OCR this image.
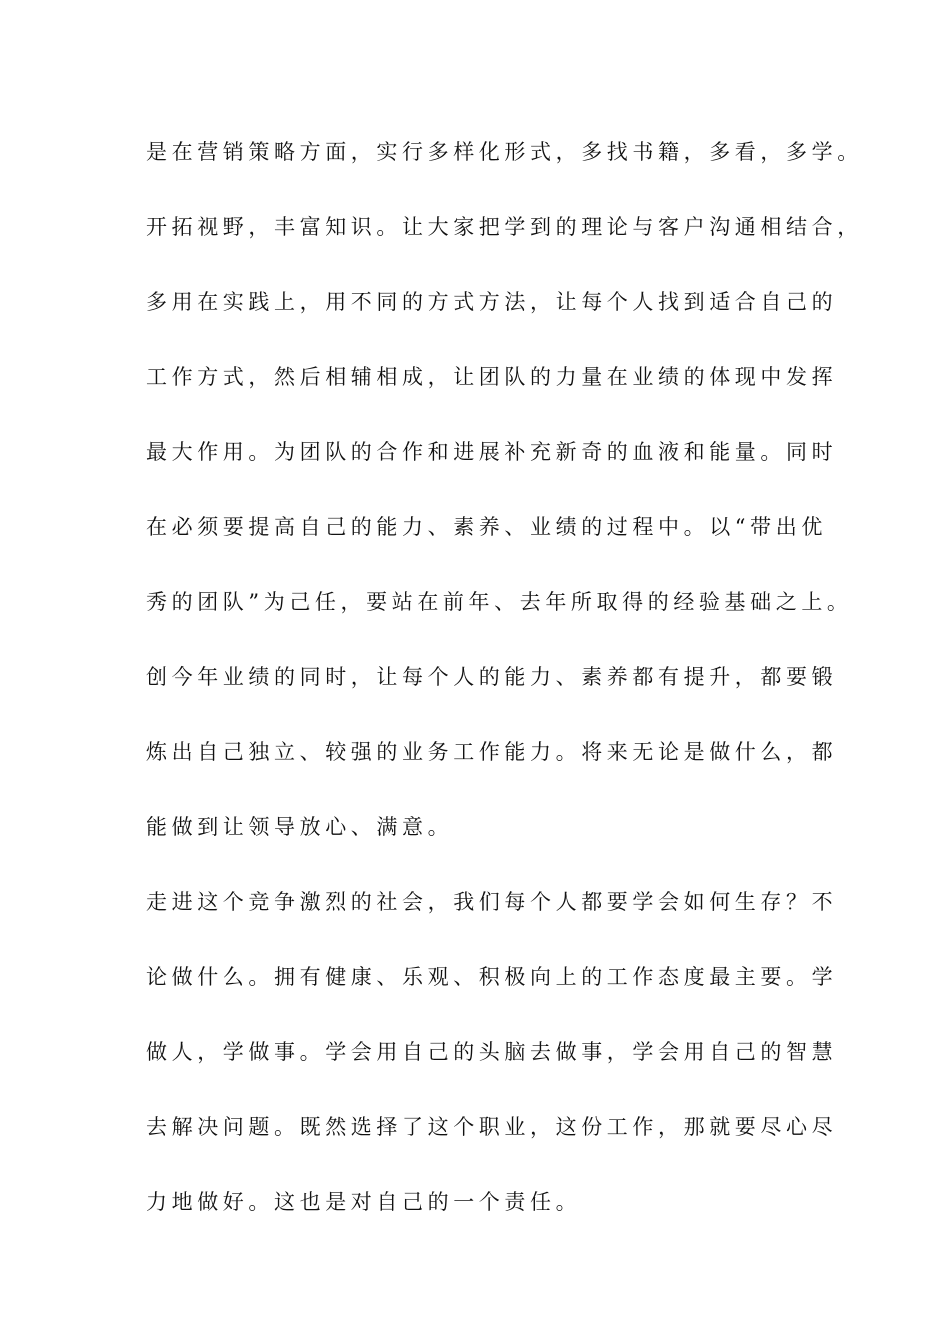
是在营销策略方面，实行多样化形式，多找书籍，多看，多学。
开拓视野，丰富知识。让大家把学到的理论与客户沟通相结合，
多用在实践上，用不同的方式方法，让每个人找到适合自己的
工作方式，然后相辅相成，让团队的力量在业绩的体现中发挥
最大作用。为团队的合作和进展补充新奇的血液和能量。同时
在必须要提高自己的能力、素养、业绩的过程中。以“带出优
秀的团队”为己任，要站在前年、去年所取得的经验基础之上。
创今年业绩的同时，让每个人的能力、素养都有提升，都要锻
炼出自己独立、较强的业务工作能力。将来无论是做什么，都
能做到让领导放心、满意。
走进这个竞争激烈的社会，我们每个人都要学会如何生存？不
论做什么。拥有健康、乐观、积极向上的工作态度最主要。学
做人，学做事。学会用自己的头脑去做事，学会用自己的智慧
去解决问题。既然选择了这个职业，这份工作，那就要尽心尽
力地做好。这也是对自己的一个责任。
